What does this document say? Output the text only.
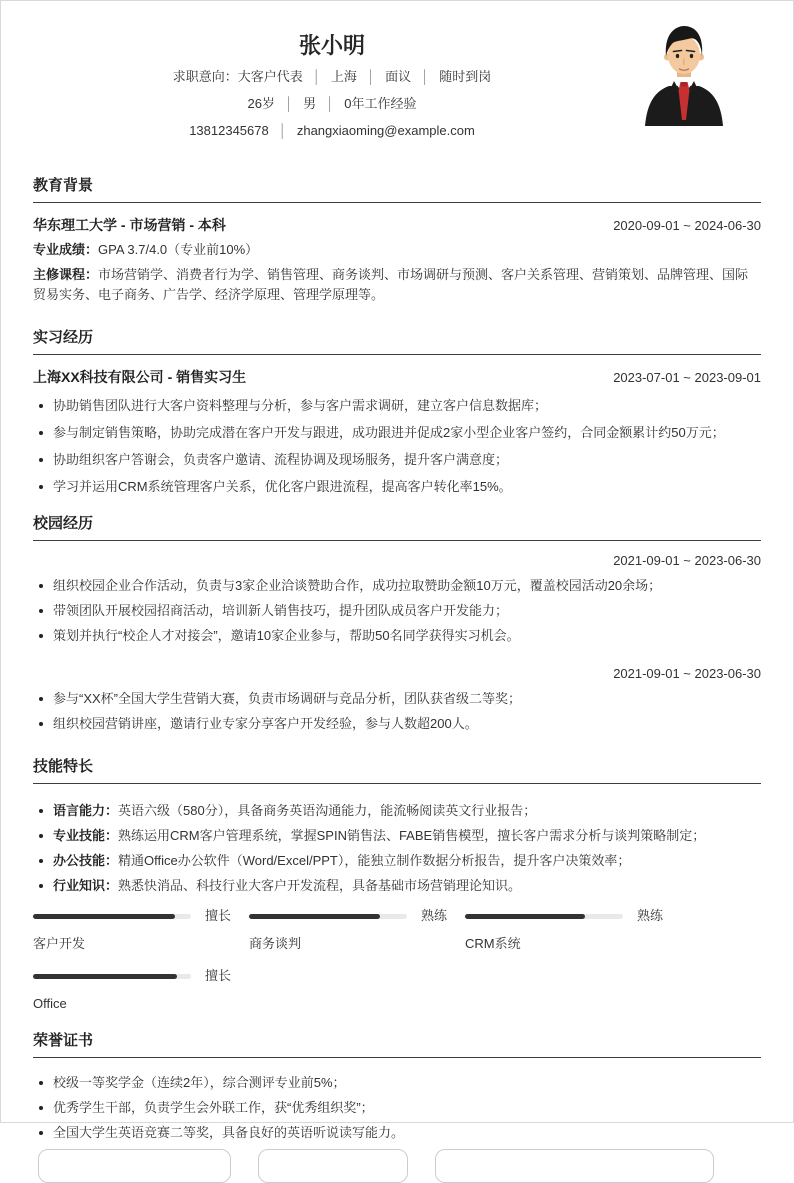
张小明
求职意向：大客户代表 │ 上海 │ 面议 │ 随时到岗
26岁 │ 男 │ 0年工作经验
13812345678 │ zhangxiaoming@example.com
教育背景
华东理工大学 - 市场营销 - 本科	2020-09-01 ~ 2024-06-30
专业成绩：GPA 3.7/4.0（专业前10%）
主修课程：市场营销学、消费者行为学、销售管理、商务谈判、市场调研与预测、客户关系管理、营销策划、品牌管理、国际贸易实务、电子商务、广告学、经济学原理、管理学原理等。
实习经历
上海XX科技有限公司 - 销售实习生	2023-07-01 ~ 2023-09-01
协助销售团队进行大客户资料整理与分析，参与客户需求调研，建立客户信息数据库；
参与制定销售策略，协助完成潜在客户开发与跟进，成功跟进并促成2家小型企业客户签约，合同金额累计约50万元；
协助组织客户答谢会，负责客户邀请、流程协调及现场服务，提升客户满意度；
学习并运用CRM系统管理客户关系，优化客户跟进流程，提高客户转化率15%。
校园经历
2021-09-01 ~ 2023-06-30
组织校园企业合作活动，负责与3家企业洽谈赞助合作，成功拉取赞助金额10万元，覆盖校园活动20余场；
带领团队开展校园招商活动，培训新人销售技巧，提升团队成员客户开发能力；
策划并执行“校企人才对接会”，邀请10家企业参与，帮助50名同学获得实习机会。
2021-09-01 ~ 2023-06-30
参与“XX杯”全国大学生营销大赛，负责市场调研与竞品分析，团队获省级二等奖；
组织校园营销讲座，邀请行业专家分享客户开发经验，参与人数超200人。
技能特长
语言能力：英语六级（580分），具备商务英语沟通能力，能流畅阅读英文行业报告；
专业技能：熟练运用CRM客户管理系统，掌握SPIN销售法、FABE销售模型，擅长客户需求分析与谈判策略制定；
办公技能：精通Office办公软件（Word/Excel/PPT），能独立制作数据分析报告，提升客户决策效率；
行业知识：熟悉快消品、科技行业大客户开发流程，具备基础市场营销理论知识。
擅长
客户开发
熟练
商务谈判
熟练
CRM系统
擅长
Office
荣誉证书
校级一等奖学金（连续2年），综合测评专业前5%；
优秀学生干部，负责学生会外联工作，获“优秀组织奖”；
全国大学生英语竞赛二等奖，具备良好的英语听说读写能力。
